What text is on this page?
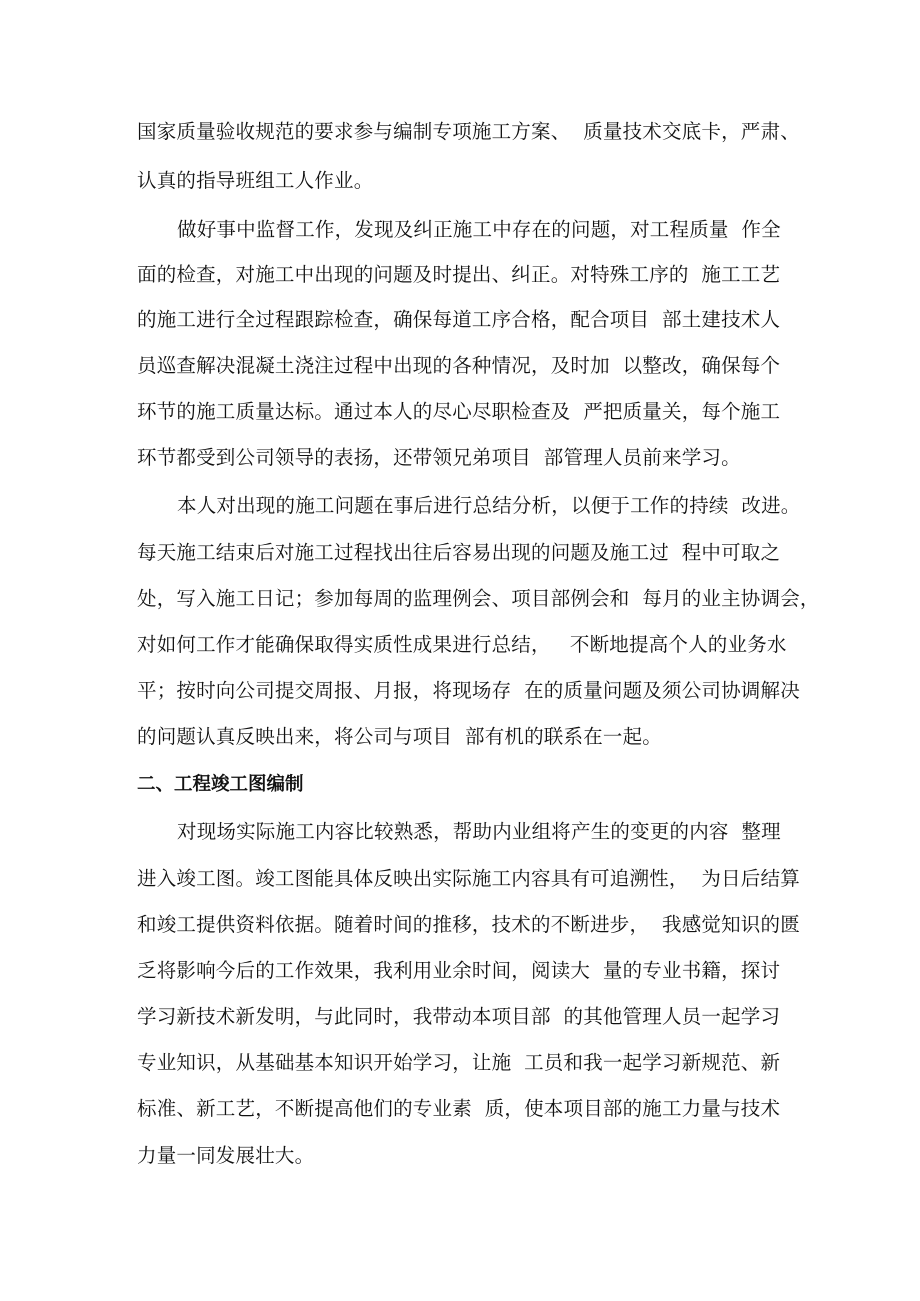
国家质量验收规范的要求参与编制专项施工方案、  质量技术交底卡，严肃、
认真的指导班组工人作业。
做好事中监督工作，发现及纠正施工中存在的问题，对工程质量  作全
面的检查，对施工中出现的问题及时提出、纠正。对特殊工序的  施工工艺
的施工进行全过程跟踪检查，确保每道工序合格，配合项目  部土建技术人
员巡查解决混凝土浇注过程中出现的各种情况，及时加  以整改，确保每个
环节的施工质量达标。通过本人的尽心尽职检查及  严把质量关，每个施工
环节都受到公司领导的表扬，还带领兄弟项目  部管理人员前来学习。
本人对出现的施工问题在事后进行总结分析，以便于工作的持续  改进。
每天施工结束后对施工过程找出往后容易出现的问题及施工过  程中可取之
处，写入施工日记；参加每周的监理例会、项目部例会和  每月的业主协调会，
对如何工作才能确保取得实质性成果进行总结，   不断地提高个人的业务水
平；按时向公司提交周报、月报，将现场存  在的质量问题及须公司协调解决
的问题认真反映出来，将公司与项目  部有机的联系在一起。
二、工程竣工图编制
对现场实际施工内容比较熟悉，帮助内业组将产生的变更的内容  整理
进入竣工图。竣工图能具体反映出实际施工内容具有可追溯性，  为日后结算
和竣工提供资料依据。随着时间的推移，技术的不断进步，  我感觉知识的匮
乏将影响今后的工作效果，我利用业余时间，阅读大  量的专业书籍，探讨
学习新技术新发明，与此同时，我带动本项目部  的其他管理人员一起学习
专业知识，从基础基本知识开始学习，让施  工员和我一起学习新规范、新
标准、新工艺，不断提高他们的专业素  质，使本项目部的施工力量与技术
力量一同发展壮大。
